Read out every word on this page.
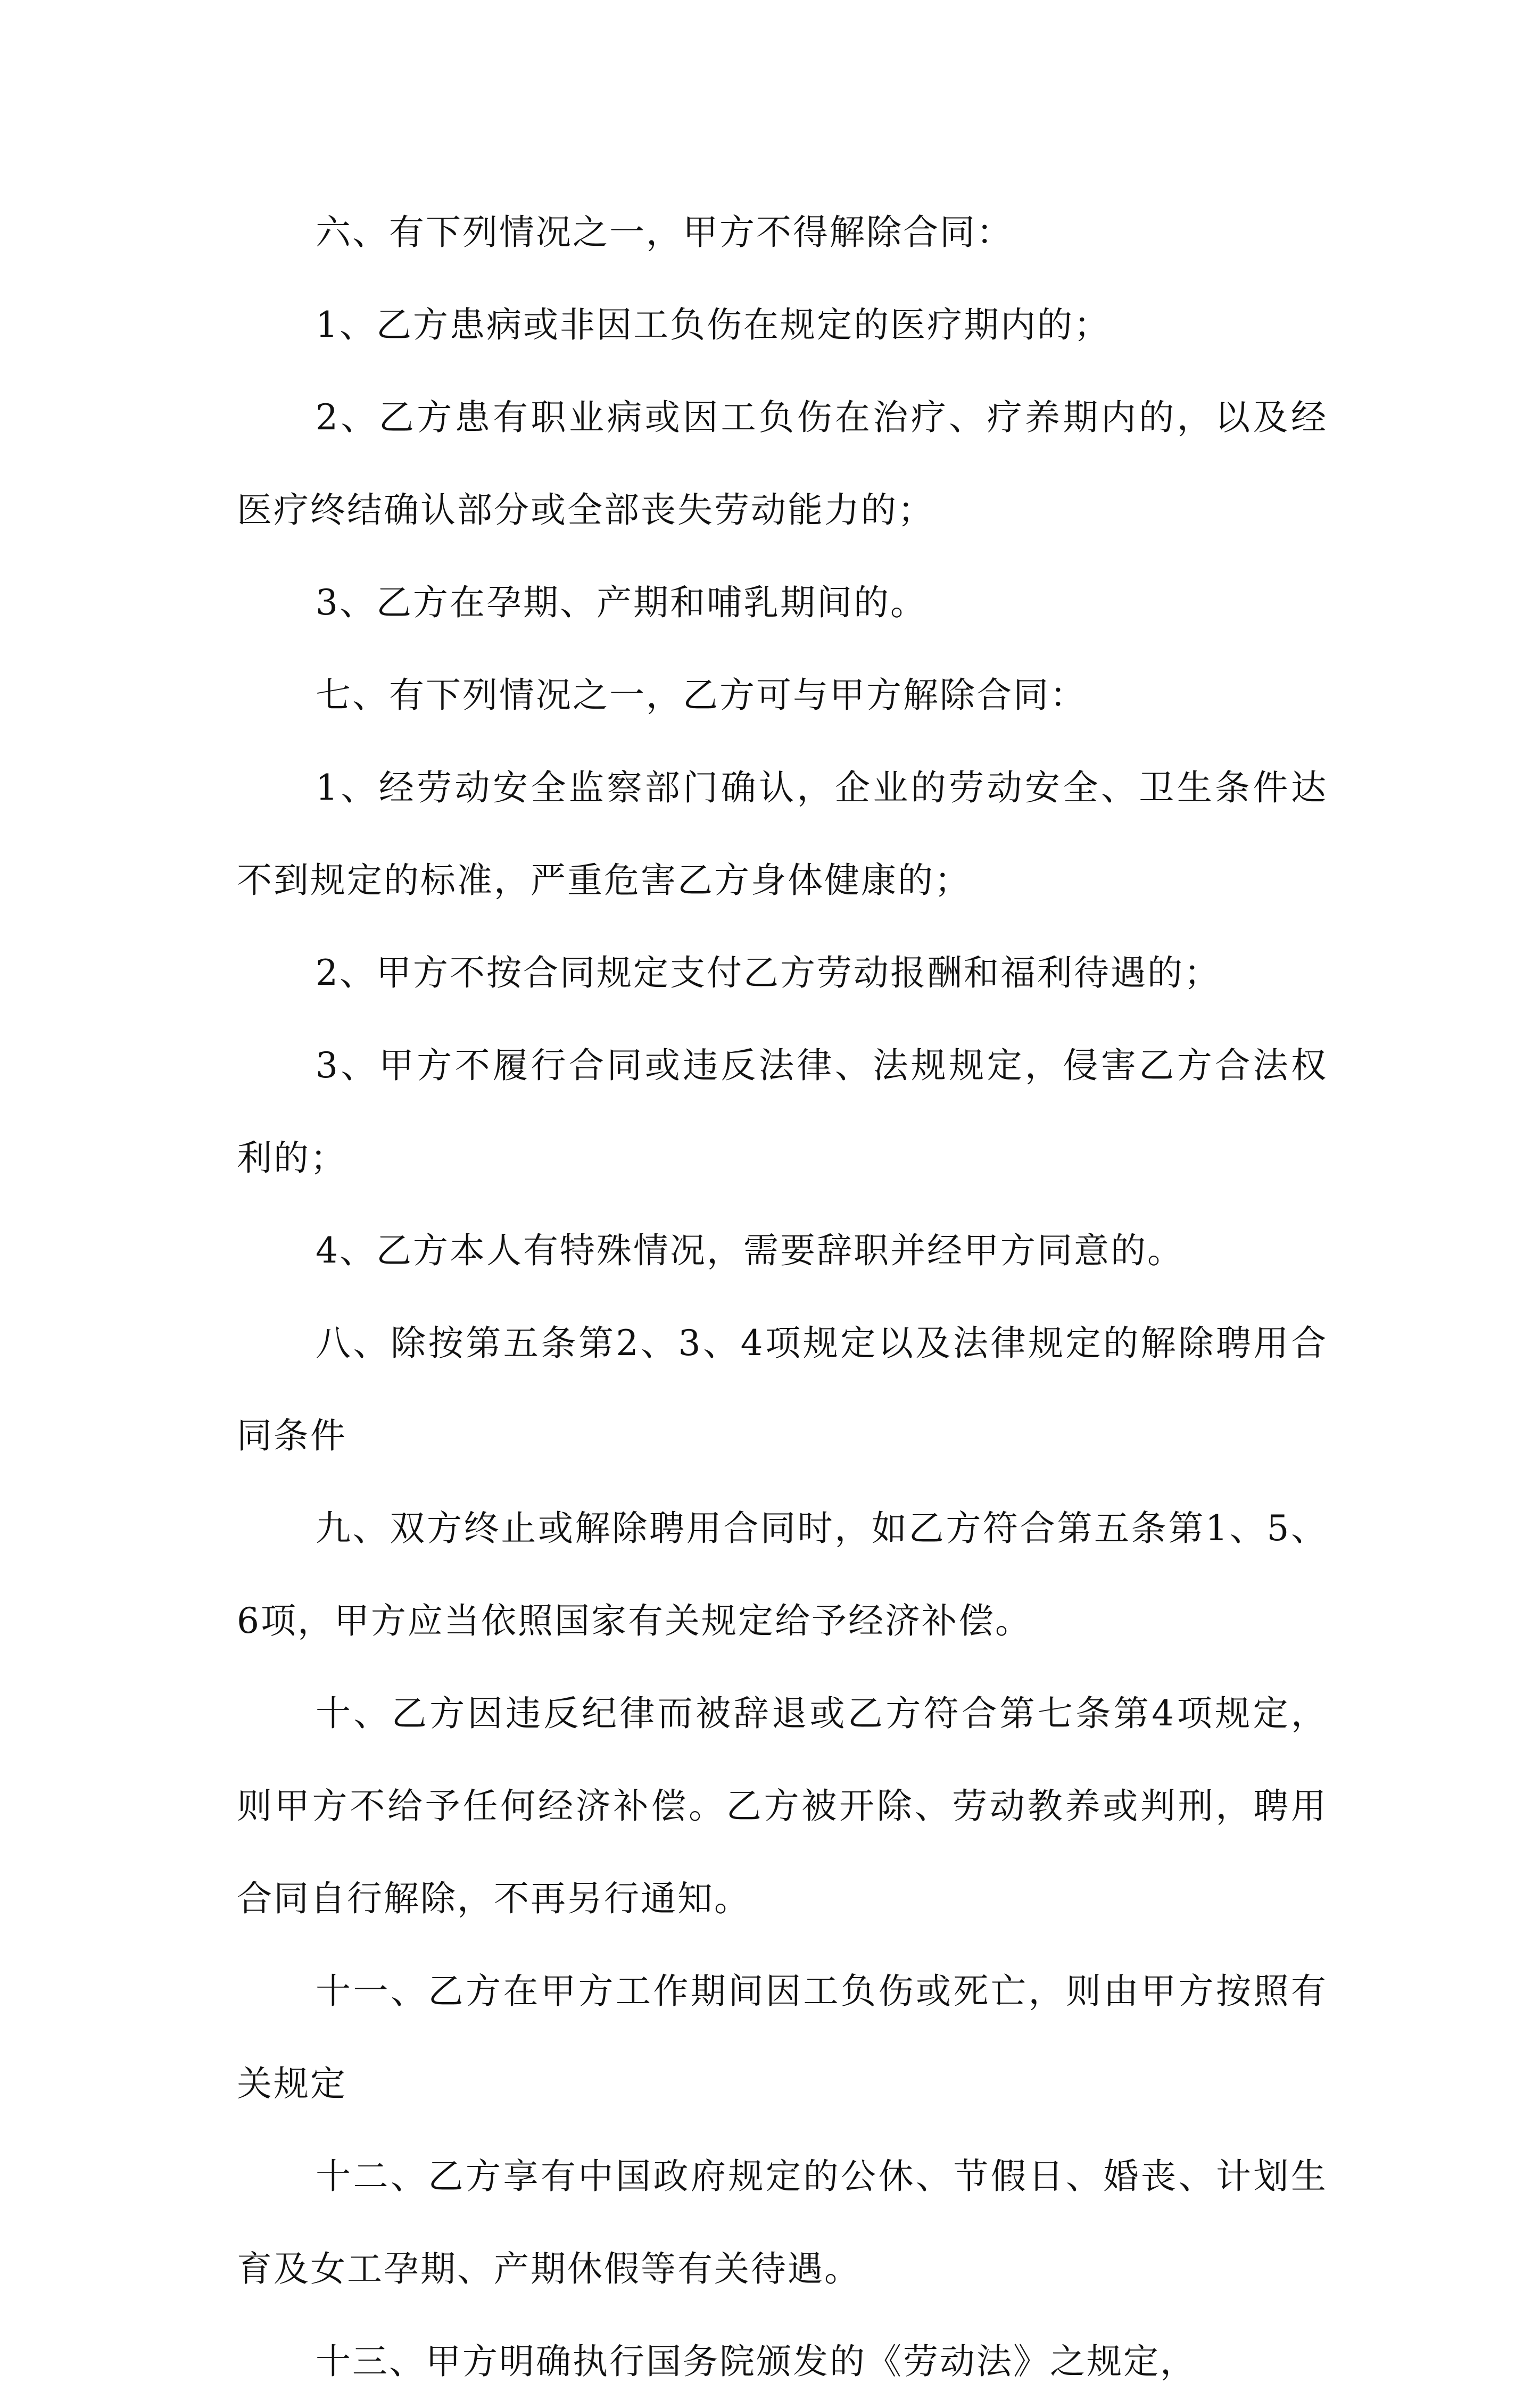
六、有下列情况之一，甲方不得解除合同：

1、乙方患病或非因工负伤在规定的医疗期内的；

2、乙方患有职业病或因工负伤在治疗、疗养期内的，以及经医疗终结确认部分或全部丧失劳动能力的；

3、乙方在孕期、产期和哺乳期间的。

七、有下列情况之一，乙方可与甲方解除合同：

1、经劳动安全监察部门确认，企业的劳动安全、卫生条件达不到规定的标准，严重危害乙方身体健康的；

2、甲方不按合同规定支付乙方劳动报酬和福利待遇的；

3、甲方不履行合同或违反法律、法规规定，侵害乙方合法权利的；

4、乙方本人有特殊情况，需要辞职并经甲方同意的。

八、除按第五条第2、3、4项规定以及法律规定的解除聘用合同条件

九、双方终止或解除聘用合同时，如乙方符合第五条第1、5、6项，甲方应当依照国家有关规定给予经济补偿。

十、乙方因违反纪律而被辞退或乙方符合第七条第4项规定，则甲方不给予任何经济补偿。乙方被开除、劳动教养或判刑，聘用合同自行解除，不再另行通知。

十一、乙方在甲方工作期间因工负伤或死亡，则由甲方按照有关规定

十二、乙方享有中国政府规定的公休、节假日、婚丧、计划生育及女工孕期、产期休假等有关待遇。

十三、甲方明确执行国务院颁发的《劳动法》之规定，
